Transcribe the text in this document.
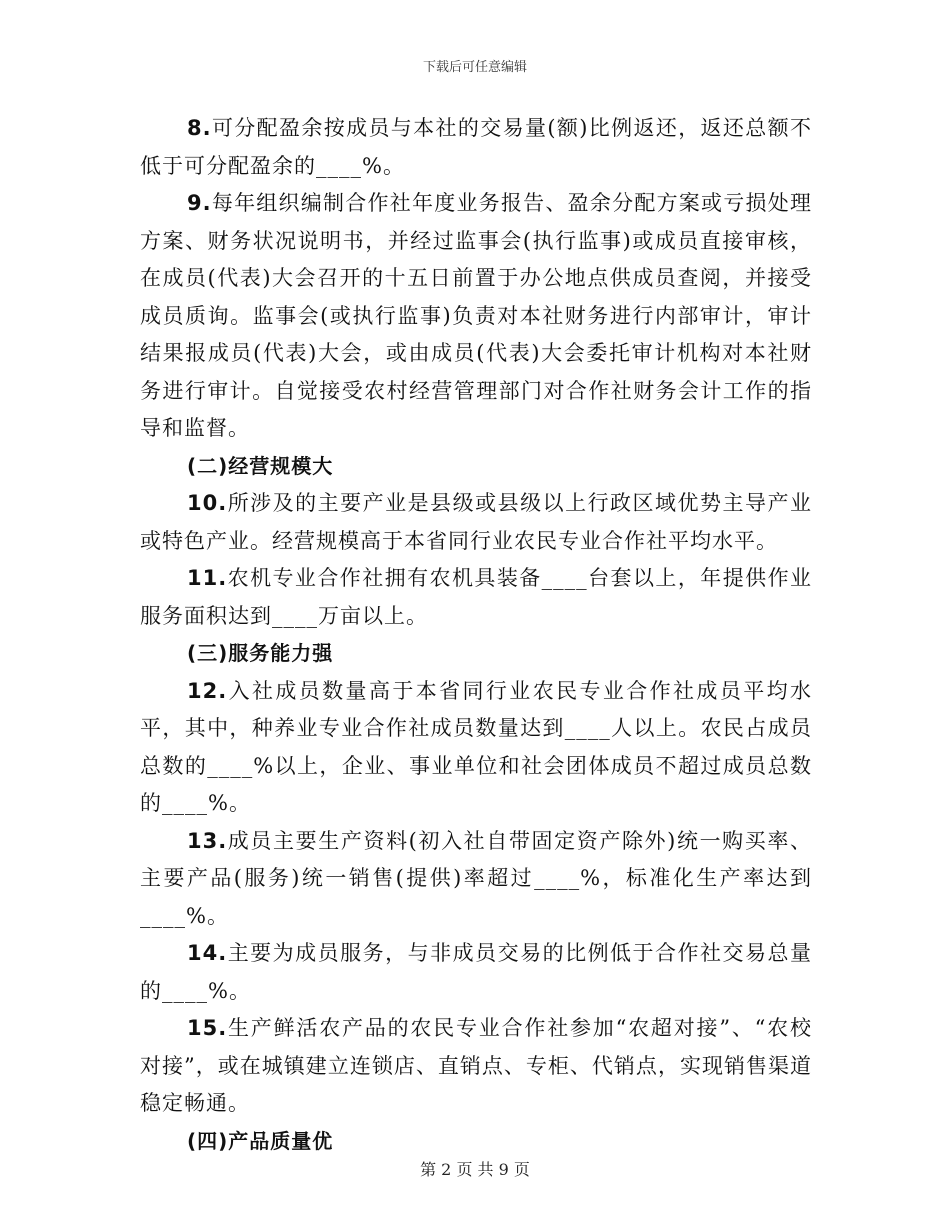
下载后可任意编辑

8.可分配盈余按成员与本社的交易量(额)比例返还，返还总额不低于可分配盈余的____%。

9.每年组织编制合作社年度业务报告、盈余分配方案或亏损处理方案、财务状况说明书，并经过监事会(执行监事)或成员直接审核，在成员(代表)大会召开的十五日前置于办公地点供成员查阅，并接受成员质询。监事会(或执行监事)负责对本社财务进行内部审计，审计结果报成员(代表)大会，或由成员(代表)大会委托审计机构对本社财务进行审计。自觉接受农村经营管理部门对合作社财务会计工作的指导和监督。

(二)经营规模大

10.所涉及的主要产业是县级或县级以上行政区域优势主导产业或特色产业。经营规模高于本省同行业农民专业合作社平均水平。

11.农机专业合作社拥有农机具装备____台套以上，年提供作业服务面积达到____万亩以上。

(三)服务能力强

12.入社成员数量高于本省同行业农民专业合作社成员平均水平，其中，种养业专业合作社成员数量达到____人以上。农民占成员总数的____%以上，企业、事业单位和社会团体成员不超过成员总数的____%。

13.成员主要生产资料(初入社自带固定资产除外)统一购买率、主要产品(服务)统一销售(提供)率超过____%，标准化生产率达到____%。

14.主要为成员服务，与非成员交易的比例低于合作社交易总量的____%。

15.生产鲜活农产品的农民专业合作社参加“农超对接”、“农校对接”，或在城镇建立连锁店、直销点、专柜、代销点，实现销售渠道稳定畅通。

(四)产品质量优

第 2 页 共 9 页
